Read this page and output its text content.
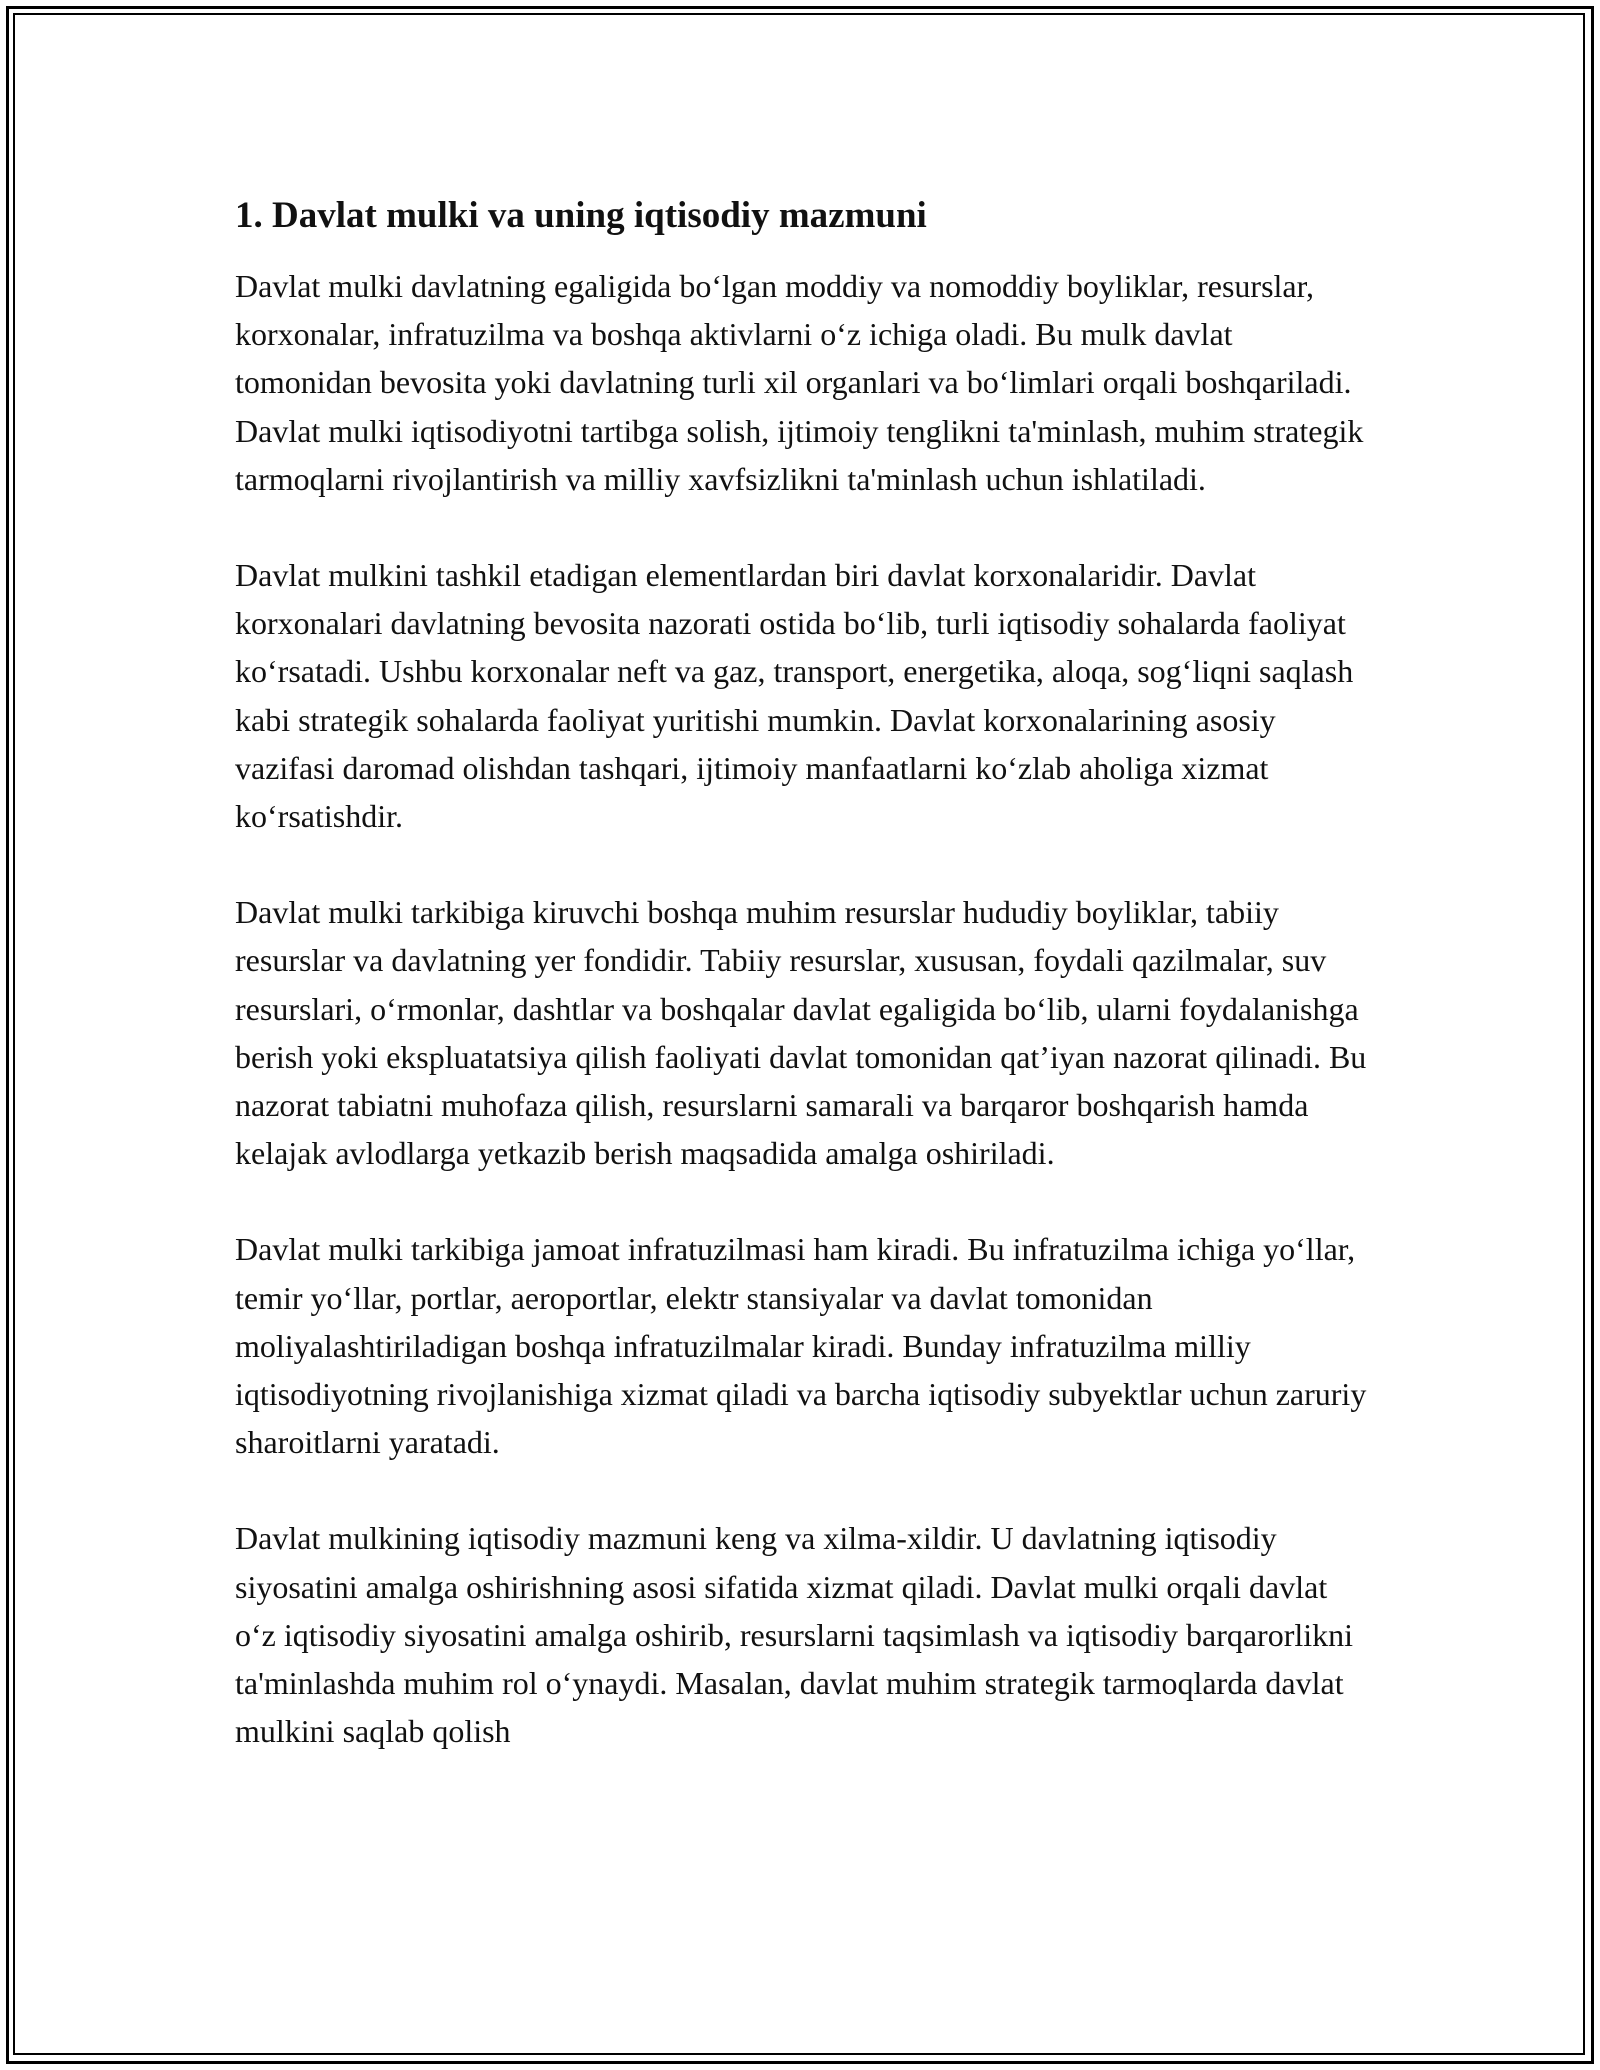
1. Davlat mulki va uning iqtisodiy mazmuni

Davlat mulki davlatning egaligida bo‘lgan moddiy va nomoddiy boyliklar, resurslar, korxonalar, infratuzilma va boshqa aktivlarni o‘z ichiga oladi. Bu mulk davlat tomonidan bevosita yoki davlatning turli xil organlari va bo‘limlari orqali boshqariladi. Davlat mulki iqtisodiyotni tartibga solish, ijtimoiy tenglikni ta'minlash, muhim strategik tarmoqlarni rivojlantirish va milliy xavfsizlikni ta'minlash uchun ishlatiladi.

Davlat mulkini tashkil etadigan elementlardan biri davlat korxonalaridir. Davlat korxonalari davlatning bevosita nazorati ostida bo‘lib, turli iqtisodiy sohalarda faoliyat ko‘rsatadi. Ushbu korxonalar neft va gaz, transport, energetika, aloqa, sog‘liqni saqlash kabi strategik sohalarda faoliyat yuritishi mumkin. Davlat korxonalarining asosiy vazifasi daromad olishdan tashqari, ijtimoiy manfaatlarni ko‘zlab aholiga xizmat ko‘rsatishdir.

Davlat mulki tarkibiga kiruvchi boshqa muhim resurslar hududiy boyliklar, tabiiy resurslar va davlatning yer fondidir. Tabiiy resurslar, xususan, foydali qazilmalar, suv resurslari, o‘rmonlar, dashtlar va boshqalar davlat egaligida bo‘lib, ularni foydalanishga berish yoki ekspluatatsiya qilish faoliyati davlat tomonidan qat’iyan nazorat qilinadi. Bu nazorat tabiatni muhofaza qilish, resurslarni samarali va barqaror boshqarish hamda kelajak avlodlarga yetkazib berish maqsadida amalga oshiriladi.

Davlat mulki tarkibiga jamoat infratuzilmasi ham kiradi. Bu infratuzilma ichiga yo‘llar, temir yo‘llar, portlar, aeroportlar, elektr stansiyalar va davlat tomonidan moliyalashtiriladigan boshqa infratuzilmalar kiradi. Bunday infratuzilma milliy iqtisodiyotning rivojlanishiga xizmat qiladi va barcha iqtisodiy subyektlar uchun zaruriy sharoitlarni yaratadi.

Davlat mulkining iqtisodiy mazmuni keng va xilma-xildir. U davlatning iqtisodiy siyosatini amalga oshirishning asosi sifatida xizmat qiladi. Davlat mulki orqali davlat o‘z iqtisodiy siyosatini amalga oshirib, resurslarni taqsimlash va iqtisodiy barqarorlikni ta'minlashda muhim rol o‘ynaydi. Masalan, davlat muhim strategik tarmoqlarda davlat mulkini saqlab qolish
